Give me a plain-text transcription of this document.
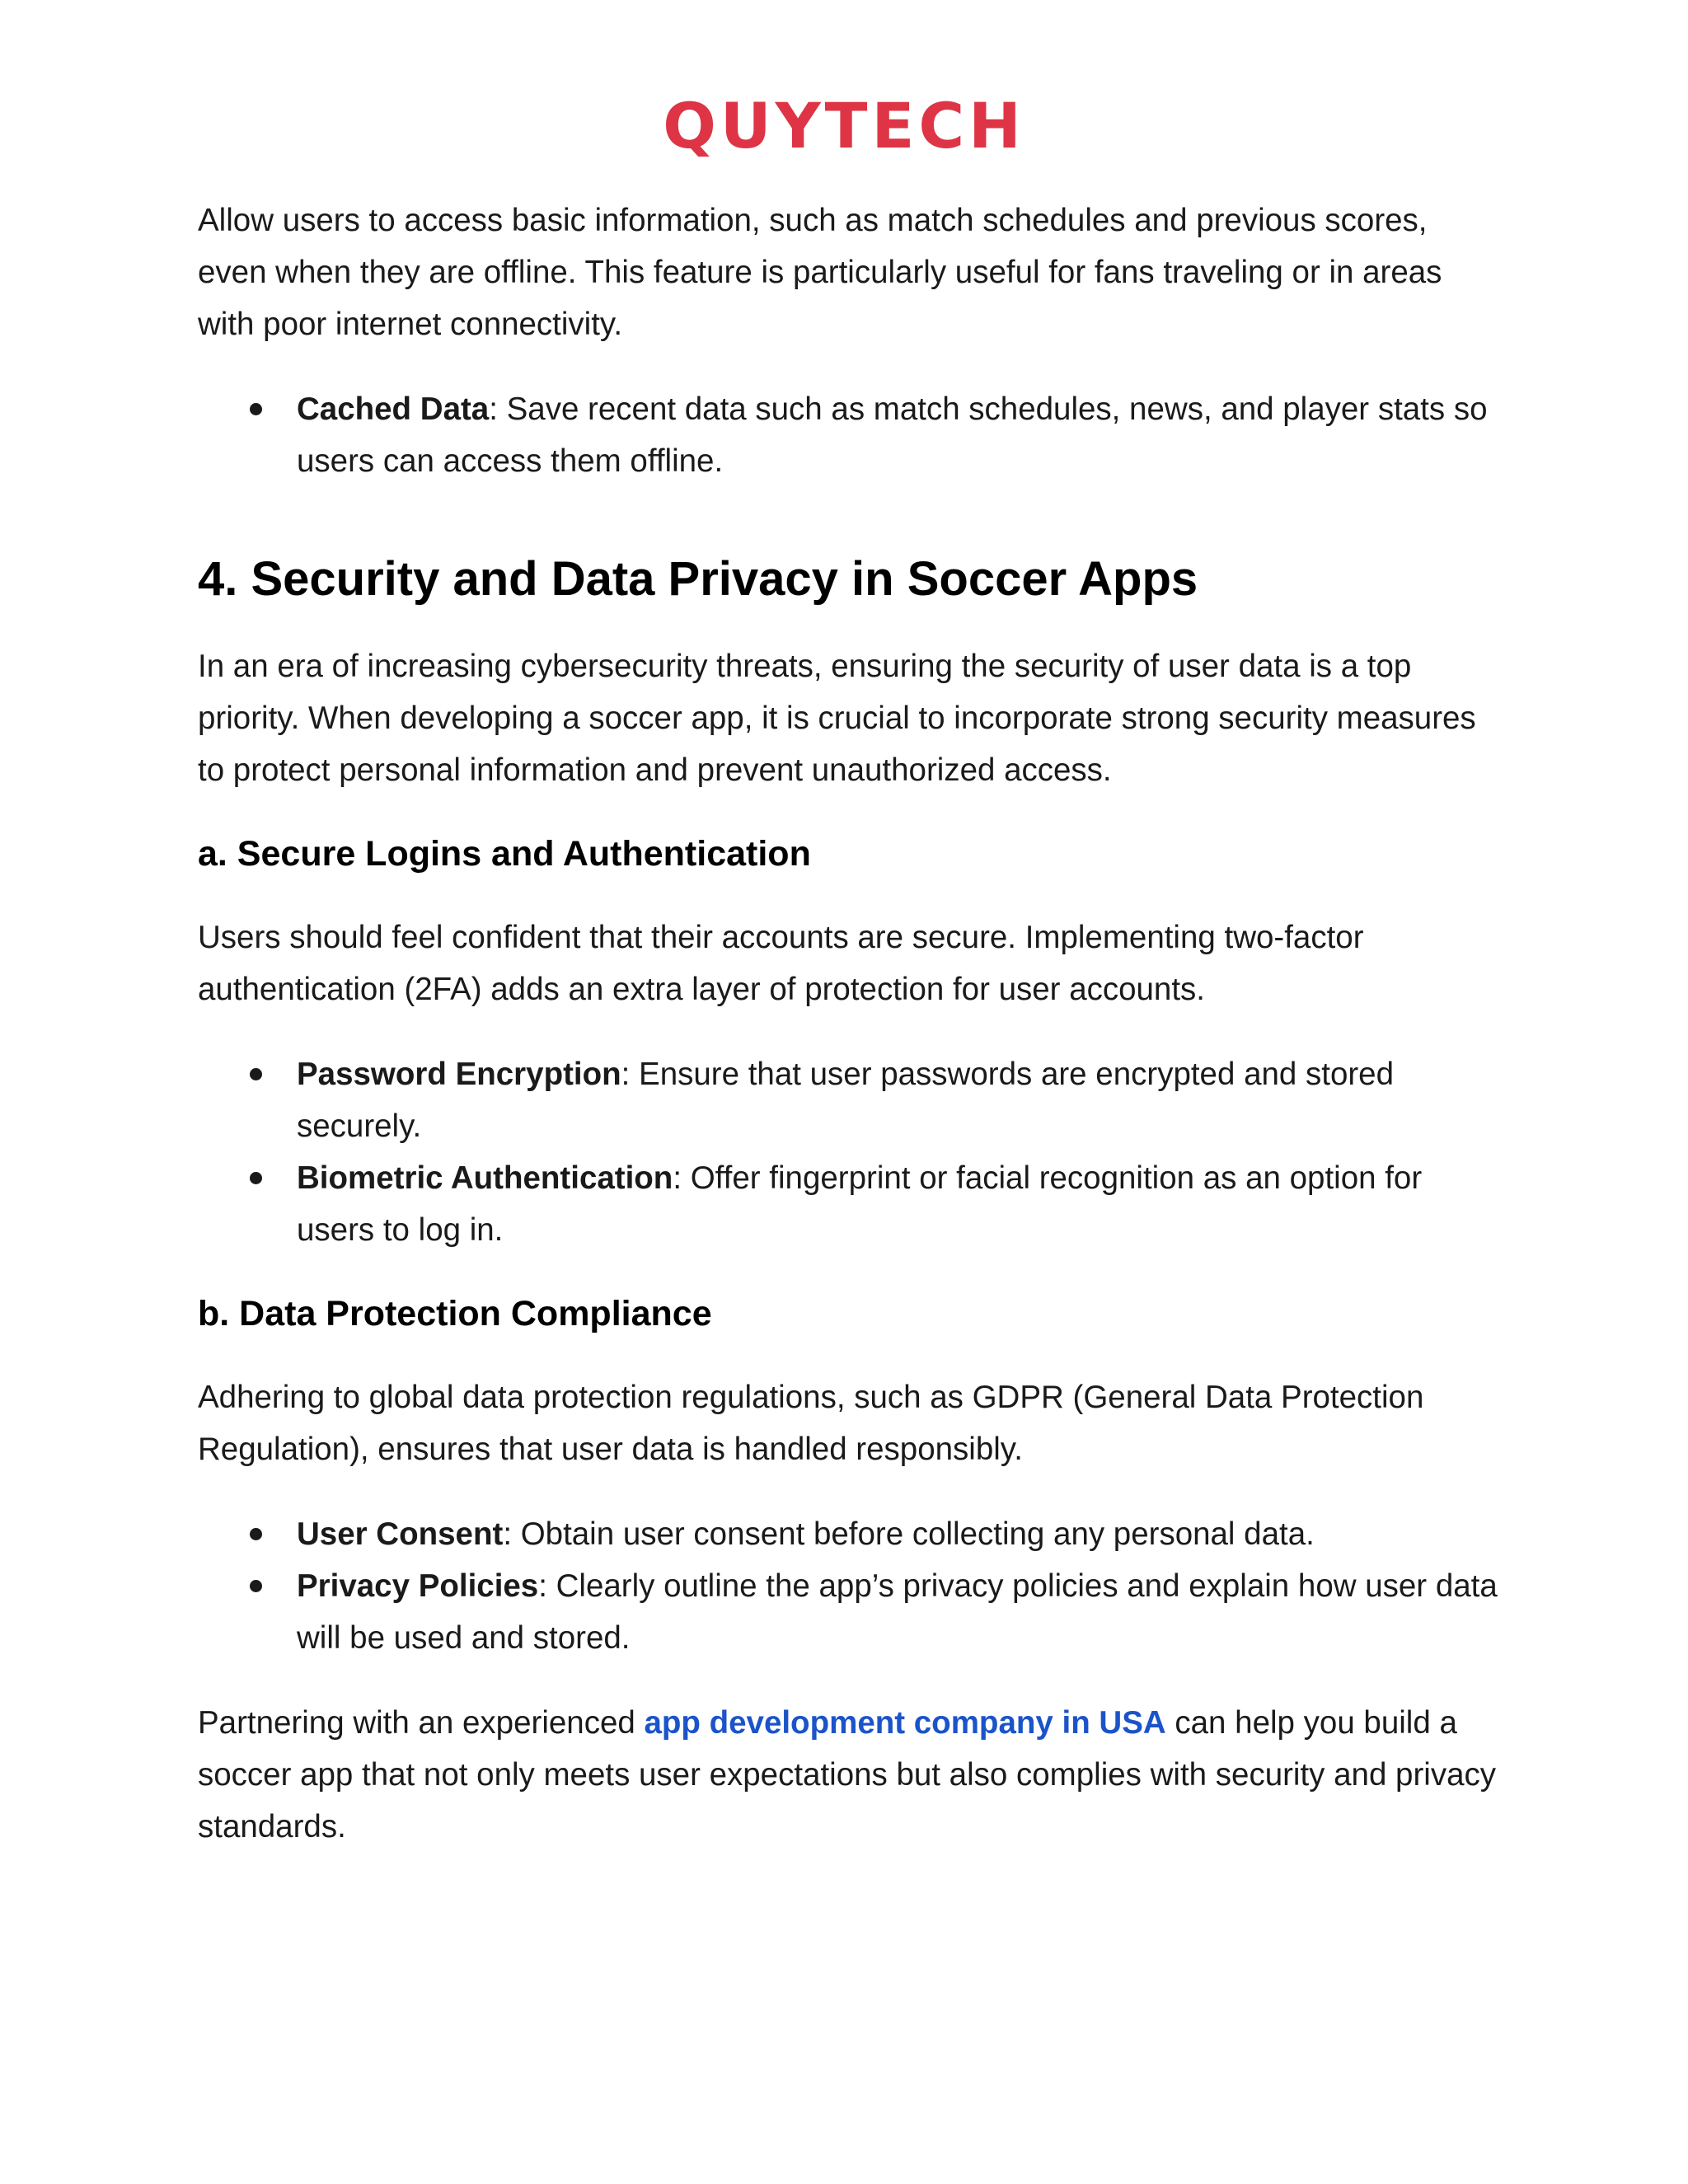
QUYTECH

Allow users to access basic information, such as match schedules and previous scores, even when they are offline. This feature is particularly useful for fans traveling or in areas with poor internet connectivity.

Cached Data: Save recent data such as match schedules, news, and player stats so users can access them offline.
4. Security and Data Privacy in Soccer Apps

In an era of increasing cybersecurity threats, ensuring the security of user data is a top priority. When developing a soccer app, it is crucial to incorporate strong security measures to protect personal information and prevent unauthorized access.

a. Secure Logins and Authentication

Users should feel confident that their accounts are secure. Implementing two-factor authentication (2FA) adds an extra layer of protection for user accounts.

Password Encryption: Ensure that user passwords are encrypted and stored securely.
Biometric Authentication: Offer fingerprint or facial recognition as an option for users to log in.
b. Data Protection Compliance

Adhering to global data protection regulations, such as GDPR (General Data Protection Regulation), ensures that user data is handled responsibly.

User Consent: Obtain user consent before collecting any personal data.
Privacy Policies: Clearly outline the app’s privacy policies and explain how user data will be used and stored.

Partnering with an experienced app development company in USA can help you build a soccer app that not only meets user expectations but also complies with security and privacy standards.
